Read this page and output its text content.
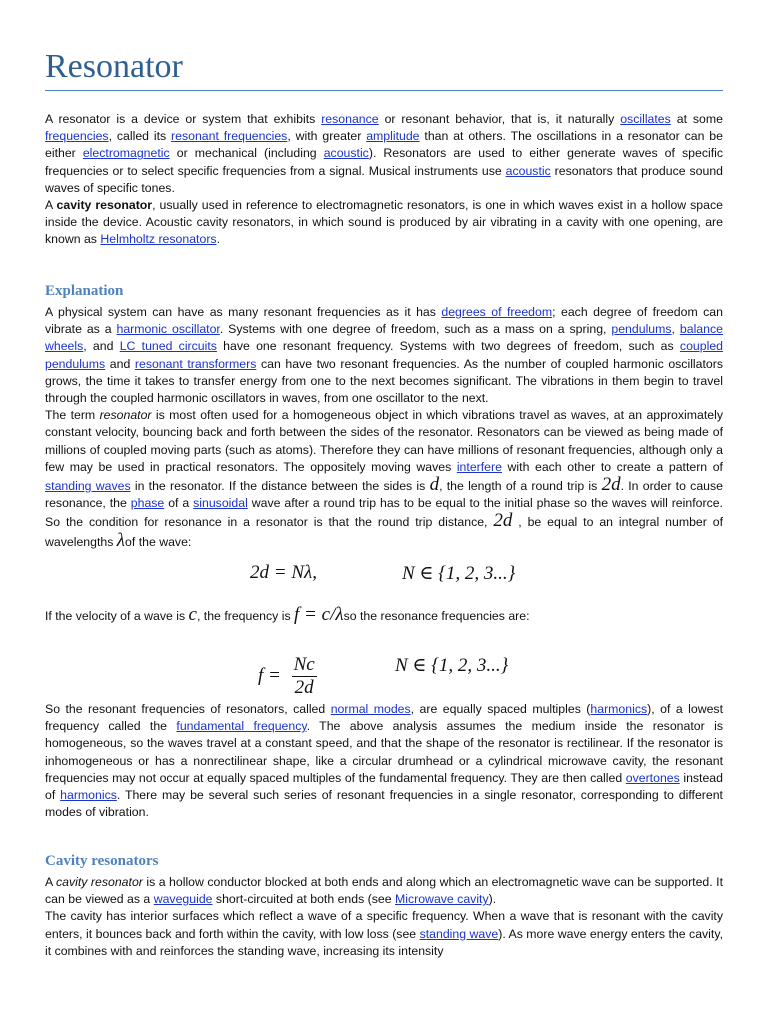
Resonator

A resonator is a device or system that exhibits resonance or resonant behavior, that is, it naturally oscillates at some frequencies, called its resonant frequencies, with greater amplitude than at others. The oscillations in a resonator can be either electromagnetic or mechanical (including acoustic). Resonators are used to either generate waves of specific frequencies or to select specific frequencies from a signal. Musical instruments use acoustic resonators that produce sound waves of specific tones.

A cavity resonator, usually used in reference to electromagnetic resonators, is one in which waves exist in a hollow space inside the device. Acoustic cavity resonators, in which sound is produced by air vibrating in a cavity with one opening, are known as Helmholtz resonators.

Explanation

A physical system can have as many resonant frequencies as it has degrees of freedom; each degree of freedom can vibrate as a harmonic oscillator. Systems with one degree of freedom, such as a mass on a spring, pendulums, balance wheels, and LC tuned circuits have one resonant frequency. Systems with two degrees of freedom, such as coupled pendulums and resonant transformers can have two resonant frequencies. As the number of coupled harmonic oscillators grows, the time it takes to transfer energy from one to the next becomes significant. The vibrations in them begin to travel through the coupled harmonic oscillators in waves, from one oscillator to the next.

The term resonator is most often used for a homogeneous object in which vibrations travel as waves, at an approximately constant velocity, bouncing back and forth between the sides of the resonator. Resonators can be viewed as being made of millions of coupled moving parts (such as atoms). Therefore they can have millions of resonant frequencies, although only a few may be used in practical resonators. The oppositely moving waves interfere with each other to create a pattern of standing waves in the resonator. If the distance between the sides is d, the length of a round trip is 2d. In order to cause resonance, the phase of a sinusoidal wave after a round trip has to be equal to the initial phase so the waves will reinforce. So the condition for resonance in a resonator is that the round trip distance, 2d , be equal to an integral number of wavelengths λof the wave:

2d = Nλ,	N ∈ {1, 2, 3...}
If the velocity of a wave is c, the frequency is f = c/λso the resonance frequencies are:
$f = \frac{Nc}{2d}$	N ∈ {1, 2, 3...}

So the resonant frequencies of resonators, called normal modes, are equally spaced multiples (harmonics), of a lowest frequency called the fundamental frequency. The above analysis assumes the medium inside the resonator is homogeneous, so the waves travel at a constant speed, and that the shape of the resonator is rectilinear. If the resonator is inhomogeneous or has a nonrectilinear shape, like a circular drumhead or a cylindrical microwave cavity, the resonant frequencies may not occur at equally spaced multiples of the fundamental frequency. They are then called overtones instead of harmonics. There may be several such series of resonant frequencies in a single resonator, corresponding to different modes of vibration.

Cavity resonators

A cavity resonator is a hollow conductor blocked at both ends and along which an electromagnetic wave can be supported. It can be viewed as a waveguide short-circuited at both ends (see Microwave cavity).

The cavity has interior surfaces which reflect a wave of a specific frequency. When a wave that is resonant with the cavity enters, it bounces back and forth within the cavity, with low loss (see standing wave). As more wave energy enters the cavity, it combines with and reinforces the standing wave, increasing its intensity
